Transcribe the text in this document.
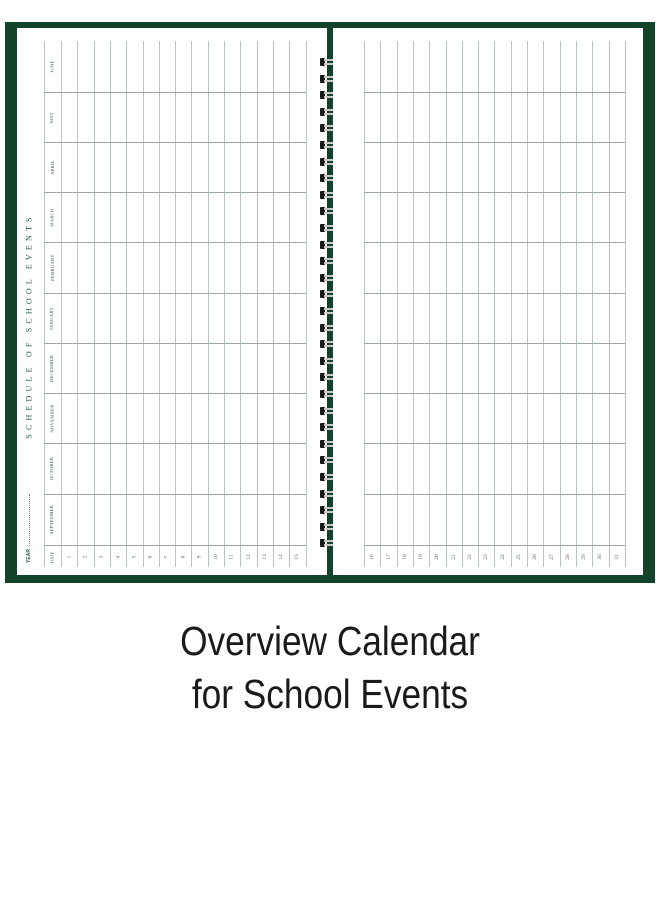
SCHEDULE OF SCHOOL EVENTS
YEAR	1 2 3 4 5 6 7 8 9 10 11 12 13 14 15
SEPTEMBER
OCTOBER
NOVEMBER
DECEMBER
JANUARY
FEBRUARY
MARCH
APRIL
MAY
JUNE
DATE	16 17 18 19 20 21 22 23 24 25 26 27 28 29 30 31
Overview Calendar
for School Events
